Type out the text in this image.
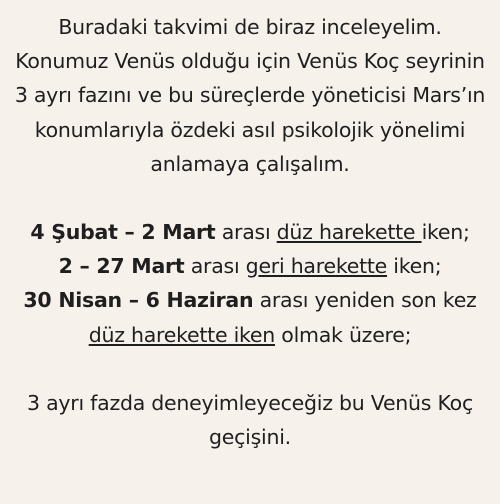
Buradaki takvimi de biraz inceleyelim.
Konumuz Venüs olduğu için Venüs Koç seyrinin
3 ayrı fazını ve bu süreçlerde yöneticisi Mars’ın
konumlarıyla özdeki asıl psikolojik yönelimi
anlamaya çalışalım.
4 Şubat – 2 Mart arası düz harekette iken;
2 – 27 Mart arası geri harekette iken;
30 Nisan – 6 Haziran arası yeniden son kez
düz harekette iken olmak üzere;
3 ayrı fazda deneyimleyeceğiz bu Venüs Koç
geçişini.
